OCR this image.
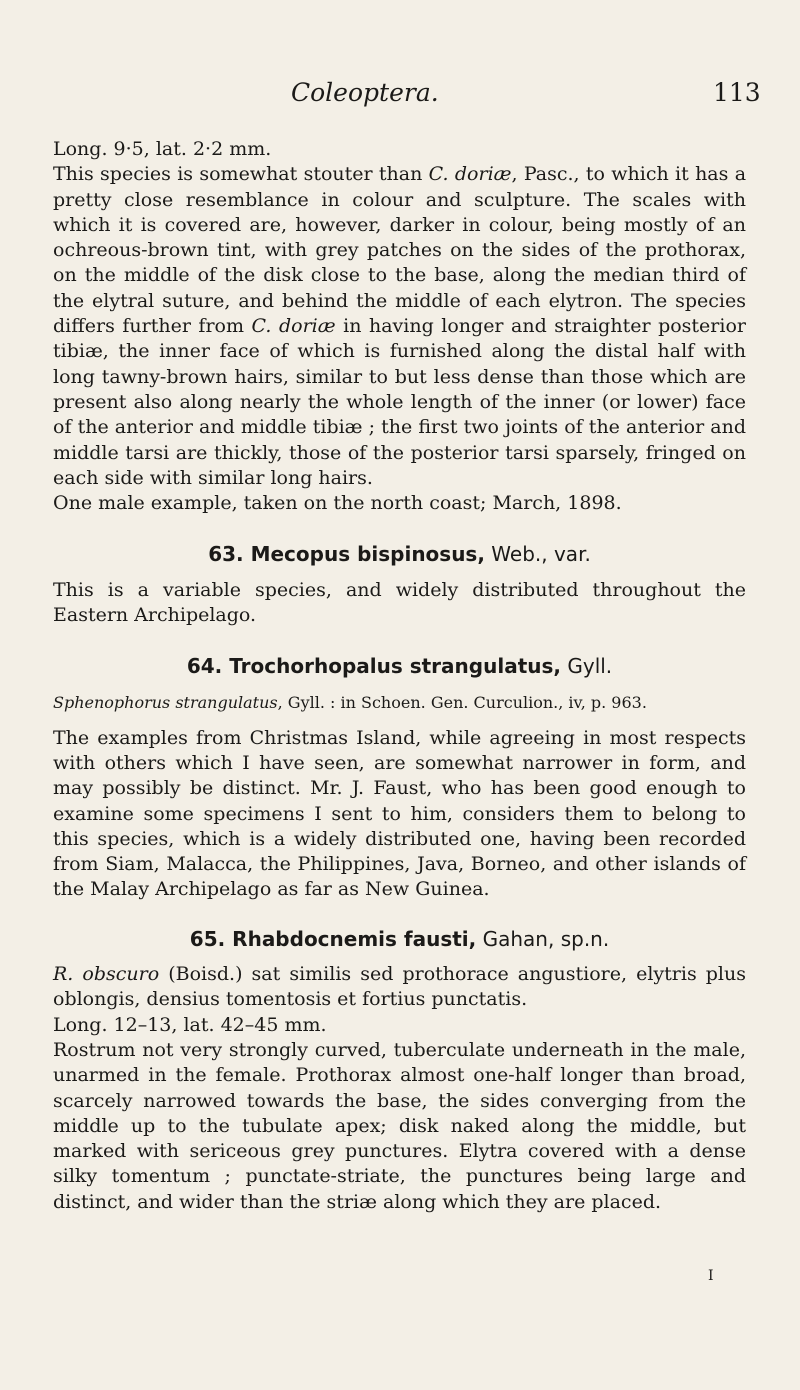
Coleoptera.	113

Long. 9·5, lat. 2·2 mm.

This species is somewhat stouter than C. doriæ, Pasc., to which it has a pretty close resemblance in colour and sculpture. The scales with which it is covered are, however, darker in colour, being mostly of an ochreous-brown tint, with grey patches on the sides of the prothorax, on the middle of the disk close to the base, along the median third of the elytral suture, and behind the middle of each elytron. The species differs further from C. doriæ in having longer and straighter posterior tibiæ, the inner face of which is furnished along the distal half with long tawny-brown hairs, similar to but less dense than those which are present also along nearly the whole length of the inner (or lower) face of the anterior and middle tibiæ ; the first two joints of the anterior and middle tarsi are thickly, those of the posterior tarsi sparsely, fringed on each side with similar long hairs.

One male example, taken on the north coast; March, 1898.

63. Mecopus bispinosus, Web., var.

This is a variable species, and widely distributed throughout the Eastern Archipelago.

64. Trochorhopalus strangulatus, Gyll.

Sphenophorus strangulatus, Gyll. : in Schoen. Gen. Curculion., iv, p. 963.

The examples from Christmas Island, while agreeing in most respects with others which I have seen, are somewhat narrower in form, and may possibly be distinct. Mr. J. Faust, who has been good enough to examine some specimens I sent to him, considers them to belong to this species, which is a widely distributed one, having been recorded from Siam, Malacca, the Philippines, Java, Borneo, and other islands of the Malay Archipelago as far as New Guinea.

65. Rhabdocnemis fausti, Gahan, sp.n.

R. obscuro (Boisd.) sat similis sed prothorace angustiore, elytris plus oblongis, densius tomentosis et fortius punctatis.

Long. 12–13, lat. 42–45 mm.

Rostrum not very strongly curved, tuberculate underneath in the male, unarmed in the female. Prothorax almost one-half longer than broad, scarcely narrowed towards the base, the sides converging from the middle up to the tubulate apex; disk naked along the middle, but marked with sericeous grey punctures. Elytra covered with a dense silky tomentum ; punctate-striate, the punctures being large and distinct, and wider than the striæ along which they are placed.

I
